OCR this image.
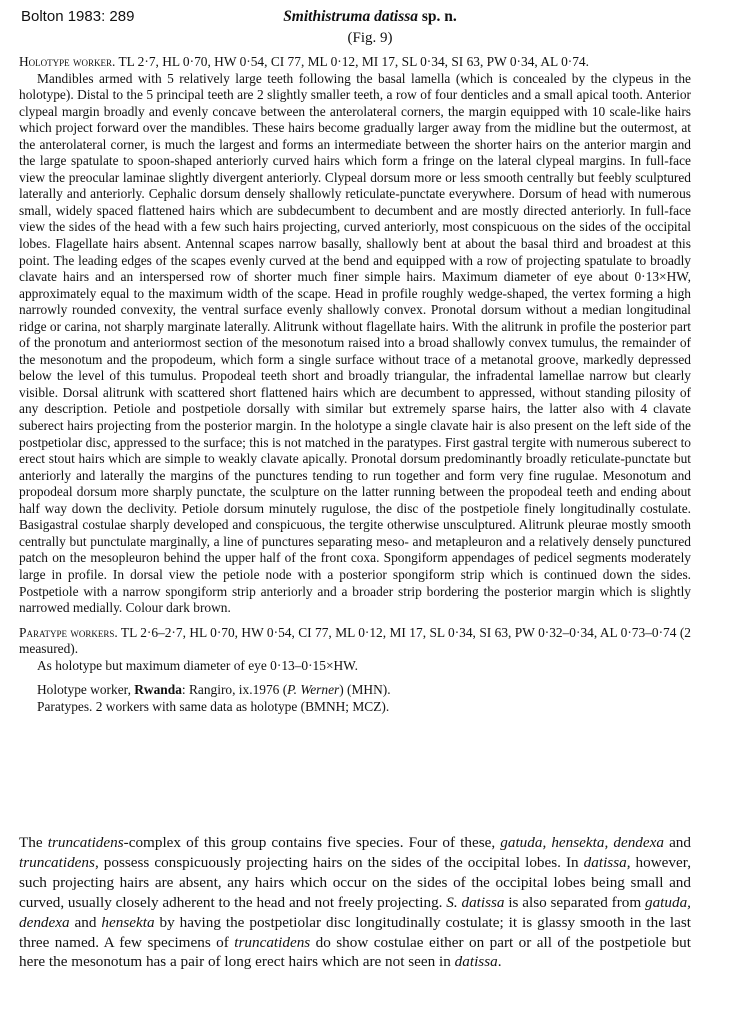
Bolton 1983: 289	Smithistruma datissa sp. n.
(Fig. 9)

Holotype worker. TL 2·7, HL 0·70, HW 0·54, CI 77, ML 0·12, MI 17, SL 0·34, SI 63, PW 0·34, AL 0·74.

Mandibles armed with 5 relatively large teeth following the basal lamella (which is concealed by the clypeus in the holotype). Distal to the 5 principal teeth are 2 slightly smaller teeth, a row of four denticles and a small apical tooth. Anterior clypeal margin broadly and evenly concave between the anterolateral corners, the margin equipped with 10 scale-like hairs which project forward over the mandibles. These hairs become gradually larger away from the midline but the outermost, at the anterolateral corner, is much the largest and forms an intermediate between the shorter hairs on the anterior margin and the large spatulate to spoon-shaped anteriorly curved hairs which form a fringe on the lateral clypeal margins. In full-face view the preocular laminae slightly divergent anteriorly. Clypeal dorsum more or less smooth centrally but feebly sculptured laterally and anteriorly. Cephalic dorsum densely shallowly reticulate-punctate everywhere. Dorsum of head with numerous small, widely spaced flattened hairs which are subdecumbent to decumbent and are mostly directed anteriorly. In full-face view the sides of the head with a few such hairs projecting, curved anteriorly, most conspicuous on the sides of the occipital lobes. Flagellate hairs absent. Antennal scapes narrow basally, shallowly bent at about the basal third and broadest at this point. The leading edges of the scapes evenly curved at the bend and equipped with a row of projecting spatulate to broadly clavate hairs and an interspersed row of shorter much finer simple hairs. Maximum diameter of eye about 0·13×HW, approximately equal to the maximum width of the scape. Head in profile roughly wedge-shaped, the vertex forming a high narrowly rounded convexity, the ventral surface evenly shallowly convex. Pronotal dorsum without a median longitudinal ridge or carina, not sharply marginate laterally. Alitrunk without flagellate hairs. With the alitrunk in profile the posterior part of the pronotum and anteriormost section of the mesonotum raised into a broad shallowly convex tumulus, the remainder of the mesonotum and the propodeum, which form a single surface without trace of a metanotal groove, markedly depressed below the level of this tumulus. Propodeal teeth short and broadly triangular, the infradental lamellae narrow but clearly visible. Dorsal alitrunk with scattered short flattened hairs which are decumbent to appressed, without standing pilosity of any description. Petiole and postpetiole dorsally with similar but extremely sparse hairs, the latter also with 4 clavate suberect hairs projecting from the posterior margin. In the holotype a single clavate hair is also present on the left side of the postpetiolar disc, appressed to the surface; this is not matched in the paratypes. First gastral tergite with numerous suberect to erect stout hairs which are simple to weakly clavate apically. Pronotal dorsum predominantly broadly reticulate-punctate but anteriorly and laterally the margins of the punctures tending to run together and form very fine rugulae. Mesonotum and propodeal dorsum more sharply punctate, the sculpture on the latter running between the propodeal teeth and ending about half way down the declivity. Petiole dorsum minutely rugulose, the disc of the postpetiole finely longitudinally costulate. Basigastral costulae sharply developed and conspicuous, the tergite otherwise unsculptured. Alitrunk pleurae mostly smooth centrally but punctulate marginally, a line of punctures separating meso- and metapleuron and a relatively densely punctured patch on the mesopleuron behind the upper half of the front coxa. Spongiform appendages of pedicel segments moderately large in profile. In dorsal view the petiole node with a posterior spongiform strip which is continued down the sides. Postpetiole with a narrow spongiform strip anteriorly and a broader strip bordering the posterior margin which is slightly narrowed medially. Colour dark brown.

Paratype workers. TL 2·6–2·7, HL 0·70, HW 0·54, CI 77, ML 0·12, MI 17, SL 0·34, SI 63, PW 0·32–0·34, AL 0·73–0·74 (2 measured).

As holotype but maximum diameter of eye 0·13–0·15×HW.

Holotype worker, Rwanda: Rangiro, ix.1976 (P. Werner) (MHN).

Paratypes. 2 workers with same data as holotype (BMNH; MCZ).

The truncatidens-complex of this group contains five species. Four of these, gatuda, hensekta, dendexa and truncatidens, possess conspicuously projecting hairs on the sides of the occipital lobes. In datissa, however, such projecting hairs are absent, any hairs which occur on the sides of the occipital lobes being small and curved, usually closely adherent to the head and not freely projecting. S. datissa is also separated from gatuda, dendexa and hensekta by having the postpetiolar disc longitudinally costulate; it is glassy smooth in the last three named. A few specimens of truncatidens do show costulae either on part or all of the postpetiole but here the mesonotum has a pair of long erect hairs which are not seen in datissa.
